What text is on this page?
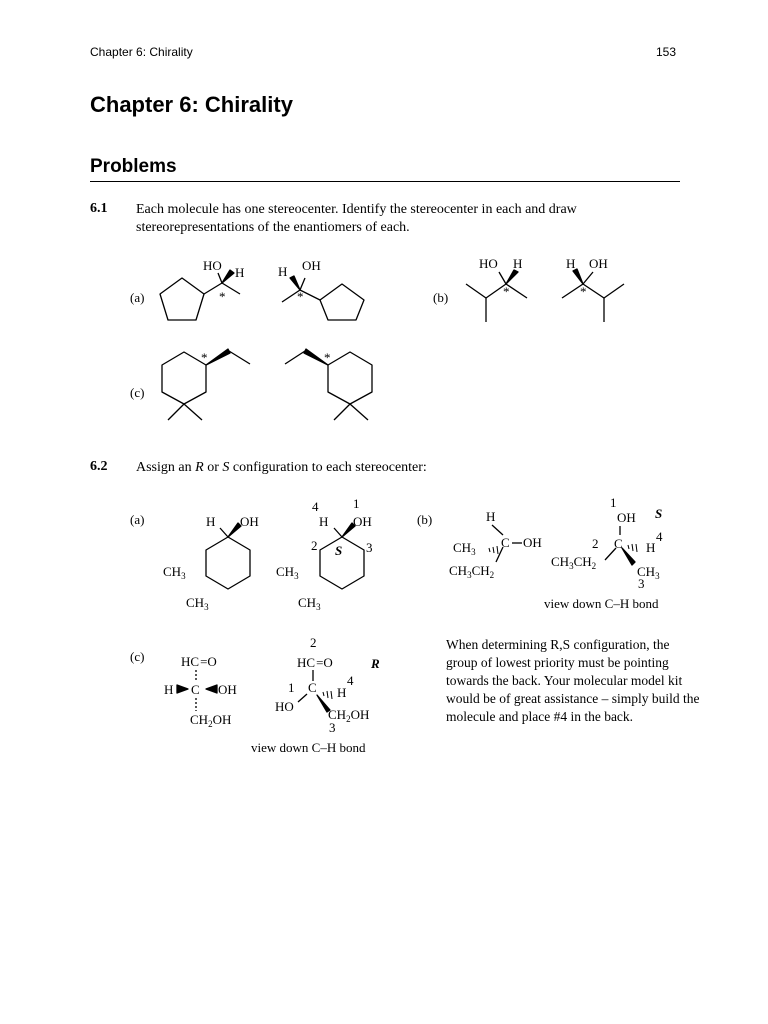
Chapter 6: Chirality	153
Chapter 6: Chirality
Problems
6.1 Each molecule has one stereocenter. Identify the stereocenter in each and draw
stereorepresentations of the enantiomers of each.
6.2 Assign an R or S configuration to each stereocenter:
When determining R,S configuration, the group of lowest priority must be pointing towards the back. Your molecular model kit would be of great assistance – simply build the molecule and place #4 in the back.
(a)	(b)
(c)
HO H
*
H OH
*
HO H
*
H OH
*
*	*
(a)	H OH
$CH_3$
$CH_3$
4	1
H OH
2 S 3
$CH_3$
$CH_3$
(b)	H
$CH_3$
C OH
$CH_3CH_2$
1
OH S
2 C	4
H
$CH_3CH_2$	$CH_3$
3
view down C–H bond
(c)	HC=O
H C OH
$CH_2OH$
2
HC=O	R
1 C 4
H
HO
$CH_2OH$
3
view down C–H bond
